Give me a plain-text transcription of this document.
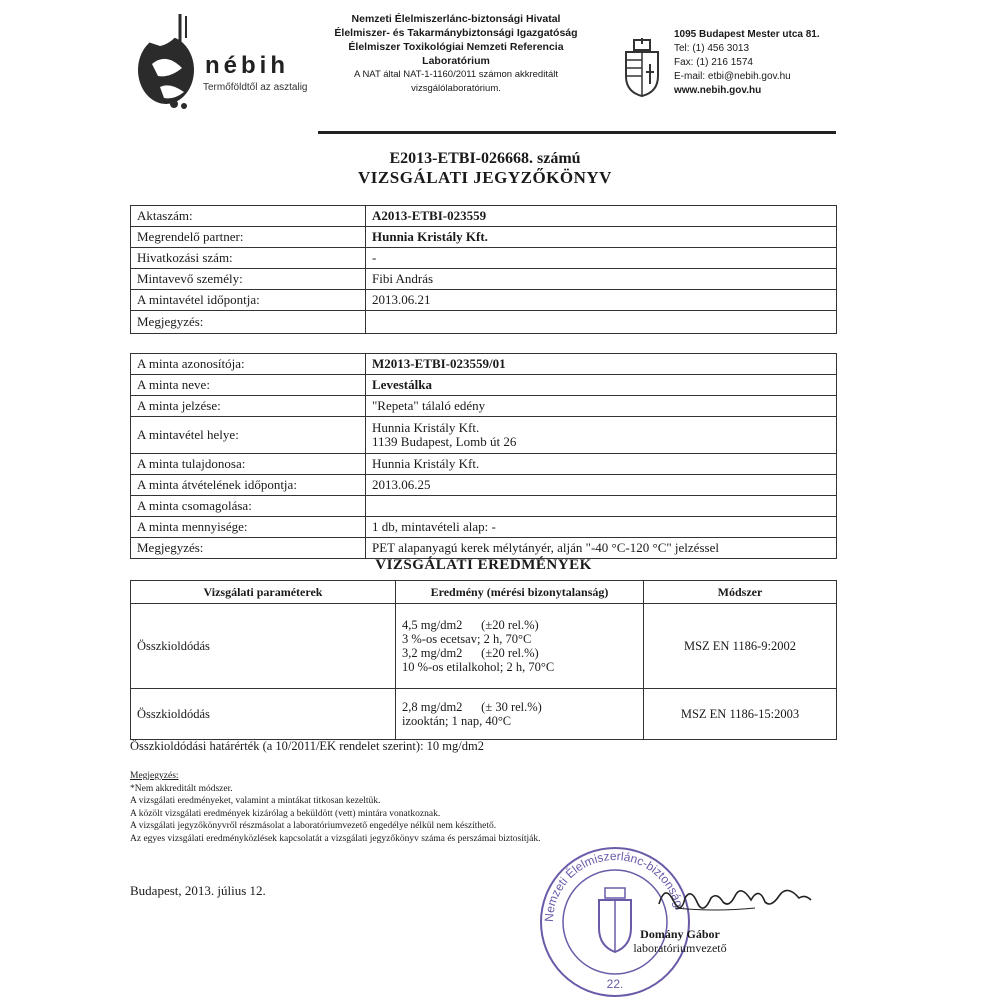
nébih
Termőföldtől az asztalig
Nemzeti Élelmiszerlánc-biztonsági Hivatal
Élelmiszer- és Takarmánybiztonsági Igazgatóság
Élelmiszer Toxikológiai Nemzeti Referencia
Laboratórium
A NAT által NAT-1-1160/2011 számon akkreditált
vizsgálólaboratórium.
1095 Budapest Mester utca 81.
Tel: (1) 456 3013
Fax: (1) 216 1574
E-mail: etbi@nebih.gov.hu
www.nebih.gov.hu
E2013-ETBI-026668. számú
VIZSGÁLATI JEGYZŐKÖNYV
Aktaszám:	A2013-ETBI-023559
Megrendelő partner:	Hunnia Kristály Kft.
Hivatkozási szám:	-
Mintavevő személy:	Fibi András
A mintavétel időpontja:	2013.06.21
Megjegyzés:	
A minta azonosítója:	M2013-ETBI-023559/01
A minta neve:	Levestálka
A minta jelzése:	"Repeta" tálaló edény
A mintavétel helye:	Hunnia Kristály Kft.
1139 Budapest, Lomb út 26

A minta tulajdonosa:	Hunnia Kristály Kft.
A minta átvételének időpontja:	2013.06.25
A minta csomagolása:	
A minta mennyisége:	1 db, mintavételi alap: -
Megjegyzés:	PET alapanyagú kerek mélytányér, alján "-40 °C-120 °C" jelzéssel
VIZSGÁLATI EREDMÉNYEK
Vizsgálati paraméterek	Eredmény (mérési bizonytalanság)	Módszer
Összkioldódás	4,5 mg/dm2      (±20 rel.%)
3 %-os ecetsav; 2 h, 70°C
3,2 mg/dm2      (±20 rel.%)
10 %-os etilalkohol; 2 h, 70°C	MSZ EN 1186-9:2002
Összkioldódás	2,8 mg/dm2      (± 30 rel.%)
izooktán; 1 nap, 40°C	MSZ EN 1186-15:2003
Összkioldódási határérték (a 10/2011/EK rendelet szerint): 10 mg/dm2
Megjegyzés:
*Nem akkreditált módszer.
A vizsgálati eredményeket, valamint a mintákat titkosan kezeltük.
A közölt vizsgálati eredmények kizárólag a beküldött (vett) mintára vonatkoznak.
A vizsgálati jegyzőkönyvről részmásolat a laboratóriumvezető engedélye nélkül nem készíthető.
Az egyes vizsgálati eredményközlések kapcsolatát a vizsgálati jegyzőkönyv száma és perszámai biztosítják.
Budapest, 2013. július 12.
Nemzeti Élelmiszerlánc-biztonsági
22.
Domány Gábor
laboratóriumvezető
